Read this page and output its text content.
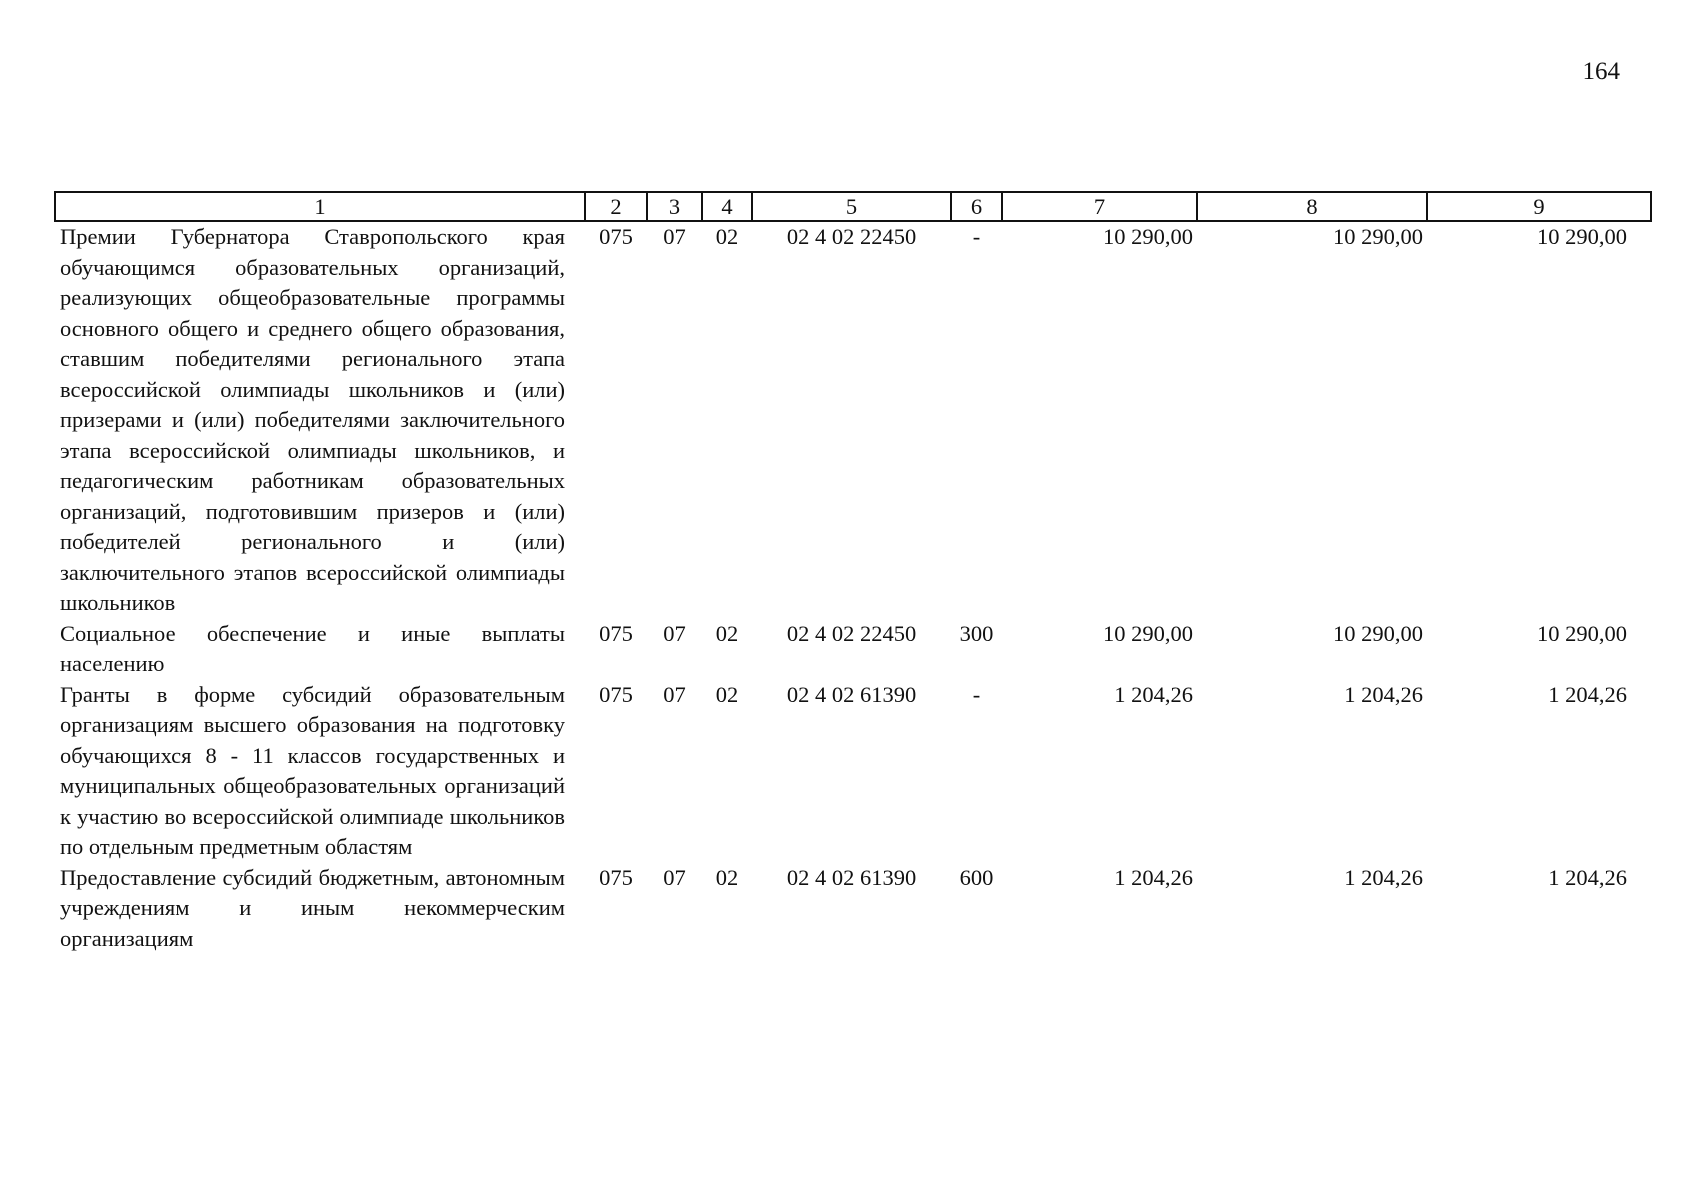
164
1	2	3	4	5	6	7	8	9
Премии Губернатора Ставропольского края обучающимся образовательных организаций, реализующих общеобразовательные программы основного общего и среднего общего образования, ставшим победителями регионального этапа всероссийской олимпиады школьников и (или) призерами и (или) победителями заключительного этапа всероссийской олимпиады школьников, и педагогическим работникам образовательных организаций, подготовившим призеров и (или) победителей регионального и (или) заключительного этапов всероссийской олимпиады школьников	075	07	02	02 4 02 22450	-	10 290,00	10 290,00	10 290,00
Социальное обеспечение и иные выплаты населению	075	07	02	02 4 02 22450	300	10 290,00	10 290,00	10 290,00
Гранты в форме субсидий образовательным организациям высшего образования на подготовку обучающихся 8 - 11 классов государственных и муниципальных общеобразовательных организаций к участию во всероссийской олимпиаде школьников по отдельным предметным областям	075	07	02	02 4 02 61390	-	1 204,26	1 204,26	1 204,26
Предоставление субсидий бюджетным, автономным учреждениям и иным некоммерческим организациям	075	07	02	02 4 02 61390	600	1 204,26	1 204,26	1 204,26
